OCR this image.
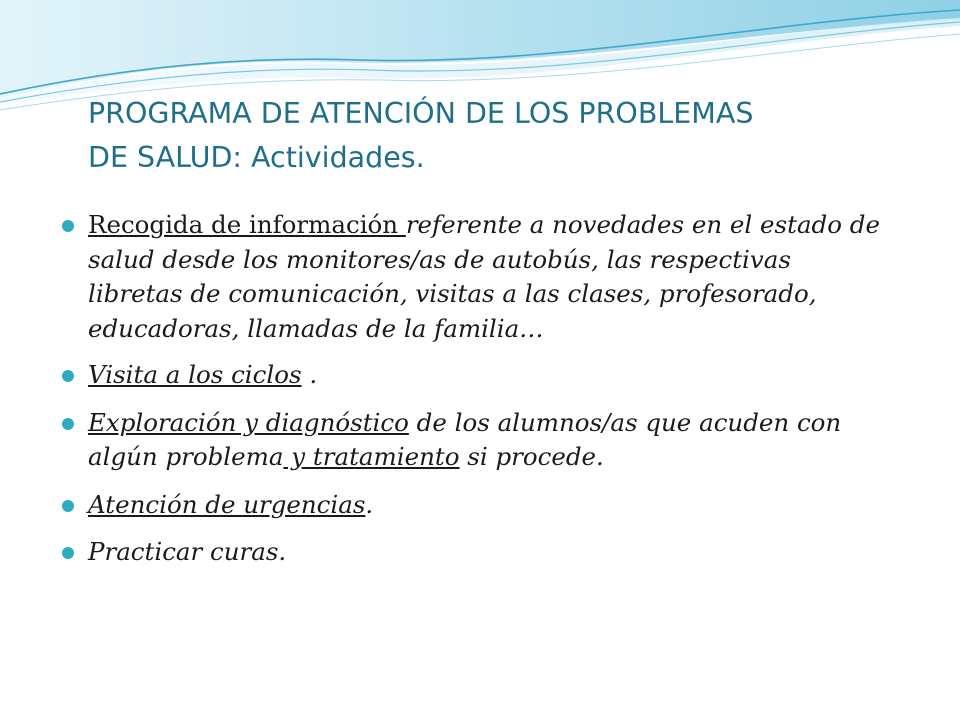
PROGRAMA DE ATENCIÓN DE LOS PROBLEMAS
DE SALUD: Actividades.
Recogida de información referente a novedades en el estado de salud desde los monitores/as de autobús, las respectivas libretas de comunicación, visitas a las clases, profesorado, educadoras, llamadas de la familia…
Visita a los ciclos .
Exploración y diagnóstico de los alumnos/as que acuden con algún problema y tratamiento si procede.
Atención de urgencias.
Practicar curas.
